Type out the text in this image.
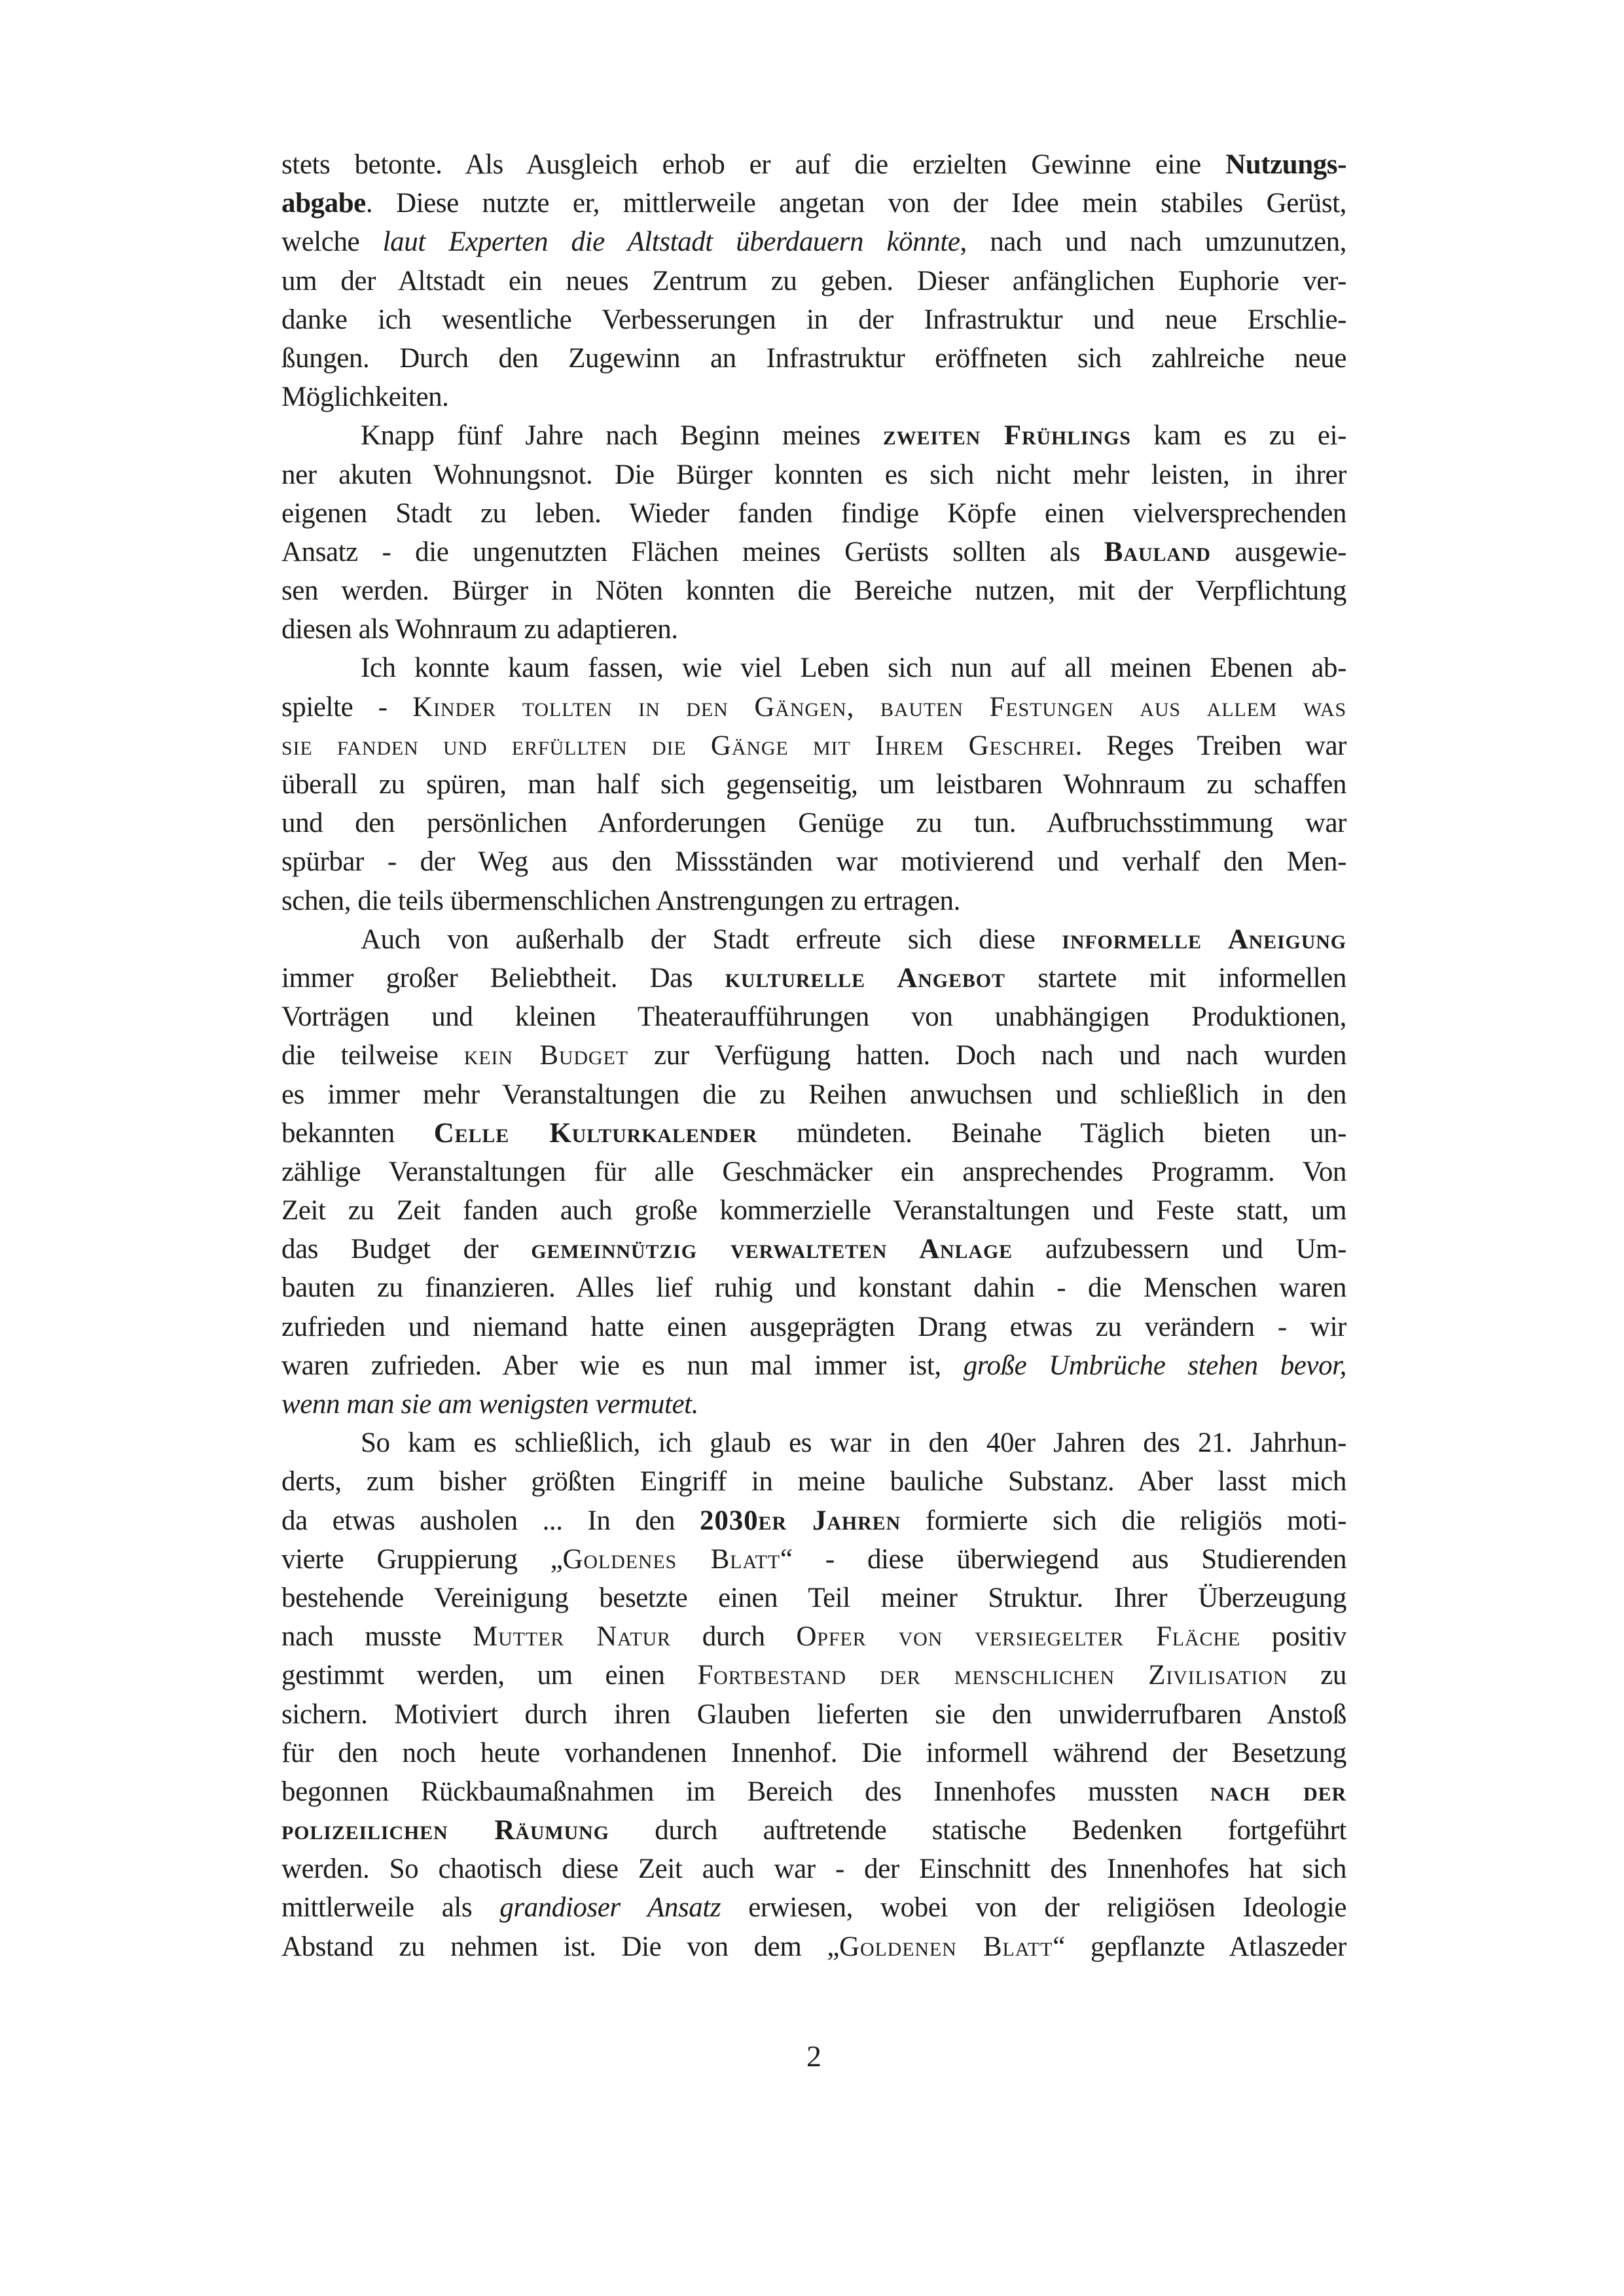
stets betonte. Als Ausgleich erhob er auf die erzielten Gewinne eine Nutzungs-
abgabe. Diese nutzte er, mittlerweile angetan von der Idee mein stabiles Gerüst,
welche laut Experten die Altstadt überdauern könnte, nach und nach umzunutzen,
um der Altstadt ein neues Zentrum zu geben. Dieser anfänglichen Euphorie ver-
danke ich wesentliche Verbesserungen in der Infrastruktur und neue Erschlie-
ßungen. Durch den Zugewinn an Infrastruktur eröffneten sich zahlreiche neue
Möglichkeiten.
Knapp fünf Jahre nach Beginn meines zweiten Frühlings kam es zu ei-
ner akuten Wohnungsnot. Die Bürger konnten es sich nicht mehr leisten, in ihrer
eigenen Stadt zu leben. Wieder fanden findige Köpfe einen vielversprechenden
Ansatz - die ungenutzten Flächen meines Gerüsts sollten als Bauland ausgewie-
sen werden. Bürger in Nöten konnten die Bereiche nutzen, mit der Verpflichtung
diesen als Wohnraum zu adaptieren.
Ich konnte kaum fassen, wie viel Leben sich nun auf all meinen Ebenen ab-
spielte - Kinder tollten in den Gängen, bauten Festungen aus allem was
sie fanden und erfüllten die Gänge mit Ihrem Geschrei. Reges Treiben war
überall zu spüren, man half sich gegenseitig, um leistbaren Wohnraum zu schaffen
und den persönlichen Anforderungen Genüge zu tun. Aufbruchsstimmung war
spürbar - der Weg aus den Missständen war motivierend und verhalf den Men-
schen, die teils übermenschlichen Anstrengungen zu ertragen.
Auch von außerhalb der Stadt erfreute sich diese informelle Aneigung
immer großer Beliebtheit. Das kulturelle Angebot startete mit informellen
Vorträgen und kleinen Theateraufführungen von unabhängigen Produktionen,
die teilweise kein Budget zur Verfügung hatten. Doch nach und nach wurden
es immer mehr Veranstaltungen die zu Reihen anwuchsen und schließlich in den
bekannten Celle Kulturkalender mündeten. Beinahe Täglich bieten un-
zählige Veranstaltungen für alle Geschmäcker ein ansprechendes Programm. Von
Zeit zu Zeit fanden auch große kommerzielle Veranstaltungen und Feste statt, um
das Budget der gemeinnützig verwalteten Anlage aufzubessern und Um-
bauten zu finanzieren. Alles lief ruhig und konstant dahin - die Menschen waren
zufrieden und niemand hatte einen ausgeprägten Drang etwas zu verändern - wir
waren zufrieden. Aber wie es nun mal immer ist, große Umbrüche stehen bevor,
wenn man sie am wenigsten vermutet.
So kam es schließlich, ich glaub es war in den 40er Jahren des 21. Jahrhun-
derts, zum bisher größten Eingriff in meine bauliche Substanz. Aber lasst mich
da etwas ausholen ... In den 2030er Jahren formierte sich die religiös moti-
vierte Gruppierung „Goldenes Blatt“ - diese überwiegend aus Studierenden
bestehende Vereinigung besetzte einen Teil meiner Struktur. Ihrer Überzeugung
nach musste Mutter Natur durch Opfer von versiegelter Fläche positiv
gestimmt werden, um einen Fortbestand der menschlichen Zivilisation zu
sichern. Motiviert durch ihren Glauben lieferten sie den unwiderrufbaren Anstoß
für den noch heute vorhandenen Innenhof. Die informell während der Besetzung
begonnen Rückbaumaßnahmen im Bereich des Innenhofes mussten nach der
polizeilichen Räumung durch auftretende statische Bedenken fortgeführt
werden. So chaotisch diese Zeit auch war - der Einschnitt des Innenhofes hat sich
mittlerweile als grandioser Ansatz erwiesen, wobei von der religiösen Ideologie
Abstand zu nehmen ist. Die von dem „Goldenen Blatt“ gepflanzte Atlaszeder
2
